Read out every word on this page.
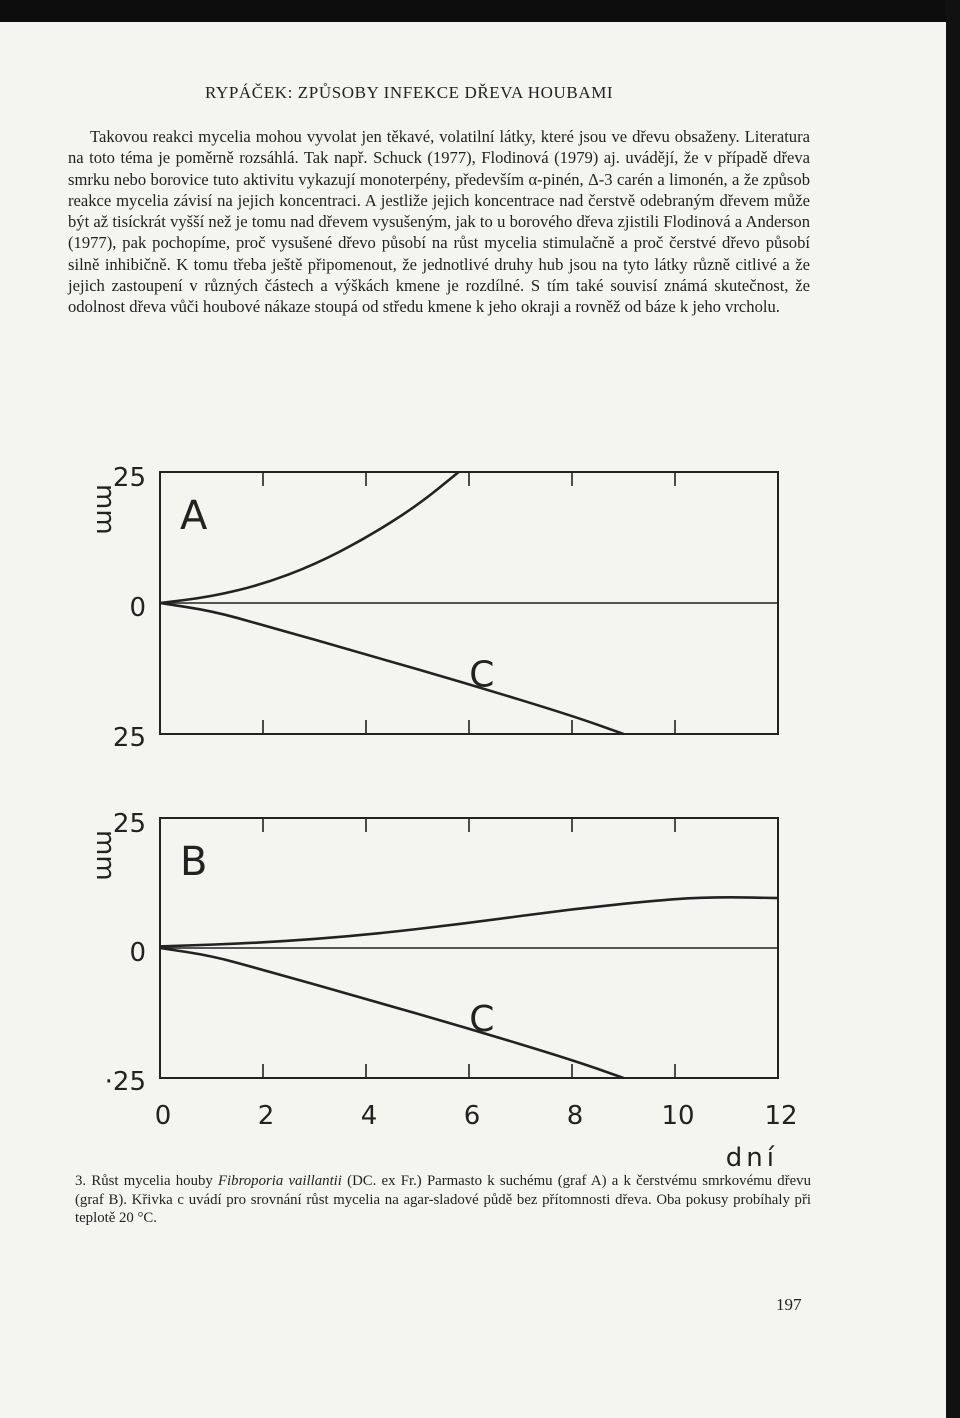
RYPÁČEK: ZPŮSOBY INFEKCE DŘEVA HOUBAMI

Takovou reakci mycelia mohou vyvolat jen těkavé, volatilní látky, které jsou ve dřevu obsaženy. Literatura na toto téma je poměrně rozsáhlá. Tak např. Schuck (1977), Flodinová (1979) aj. uvádějí, že v případě dřeva smrku nebo borovice tuto aktivitu vykazují monoterpény, především α-pinén, Δ-3 carén a limonén, a že způsob reakce mycelia závisí na jejich koncentraci. A jestliže jejich koncentrace nad čerstvě odebraným dřevem může být až tisíckrát vyšší než je tomu nad dřevem vysušeným, jak to u borového dřeva zjistili Flodinová a Anderson (1977), pak pochopíme, proč vysušené dřevo působí na růst mycelia stimulačně a proč čerstvé dřevo působí silně inhibičně. K tomu třeba ještě připomenout, že jednotlivé druhy hub jsou na tyto látky různě citlivé a že jejich zastoupení v různých částech a výškách kmene je rozdílné. S tím také souvisí známá skutečnost, že odolnost dřeva vůči houbové nákaze stoupá od středu kmene k jeho okraji a rovněž od báze k jeho vrcholu.

A
C
25
0
25
mm
B
C
25
0
·25
mm
0	2	4	6	8	10	12
dní
3. Růst mycelia houby Fibroporia vaillantii (DC. ex Fr.) Parmasto k suchému (graf A) a k čerstvému smrkovému dřevu (graf B). Křivka c uvádí pro srovnání růst mycelia na agar-sladové půdě bez přítomnosti dřeva. Oba pokusy probíhaly při teplotě 20 °C.
197
